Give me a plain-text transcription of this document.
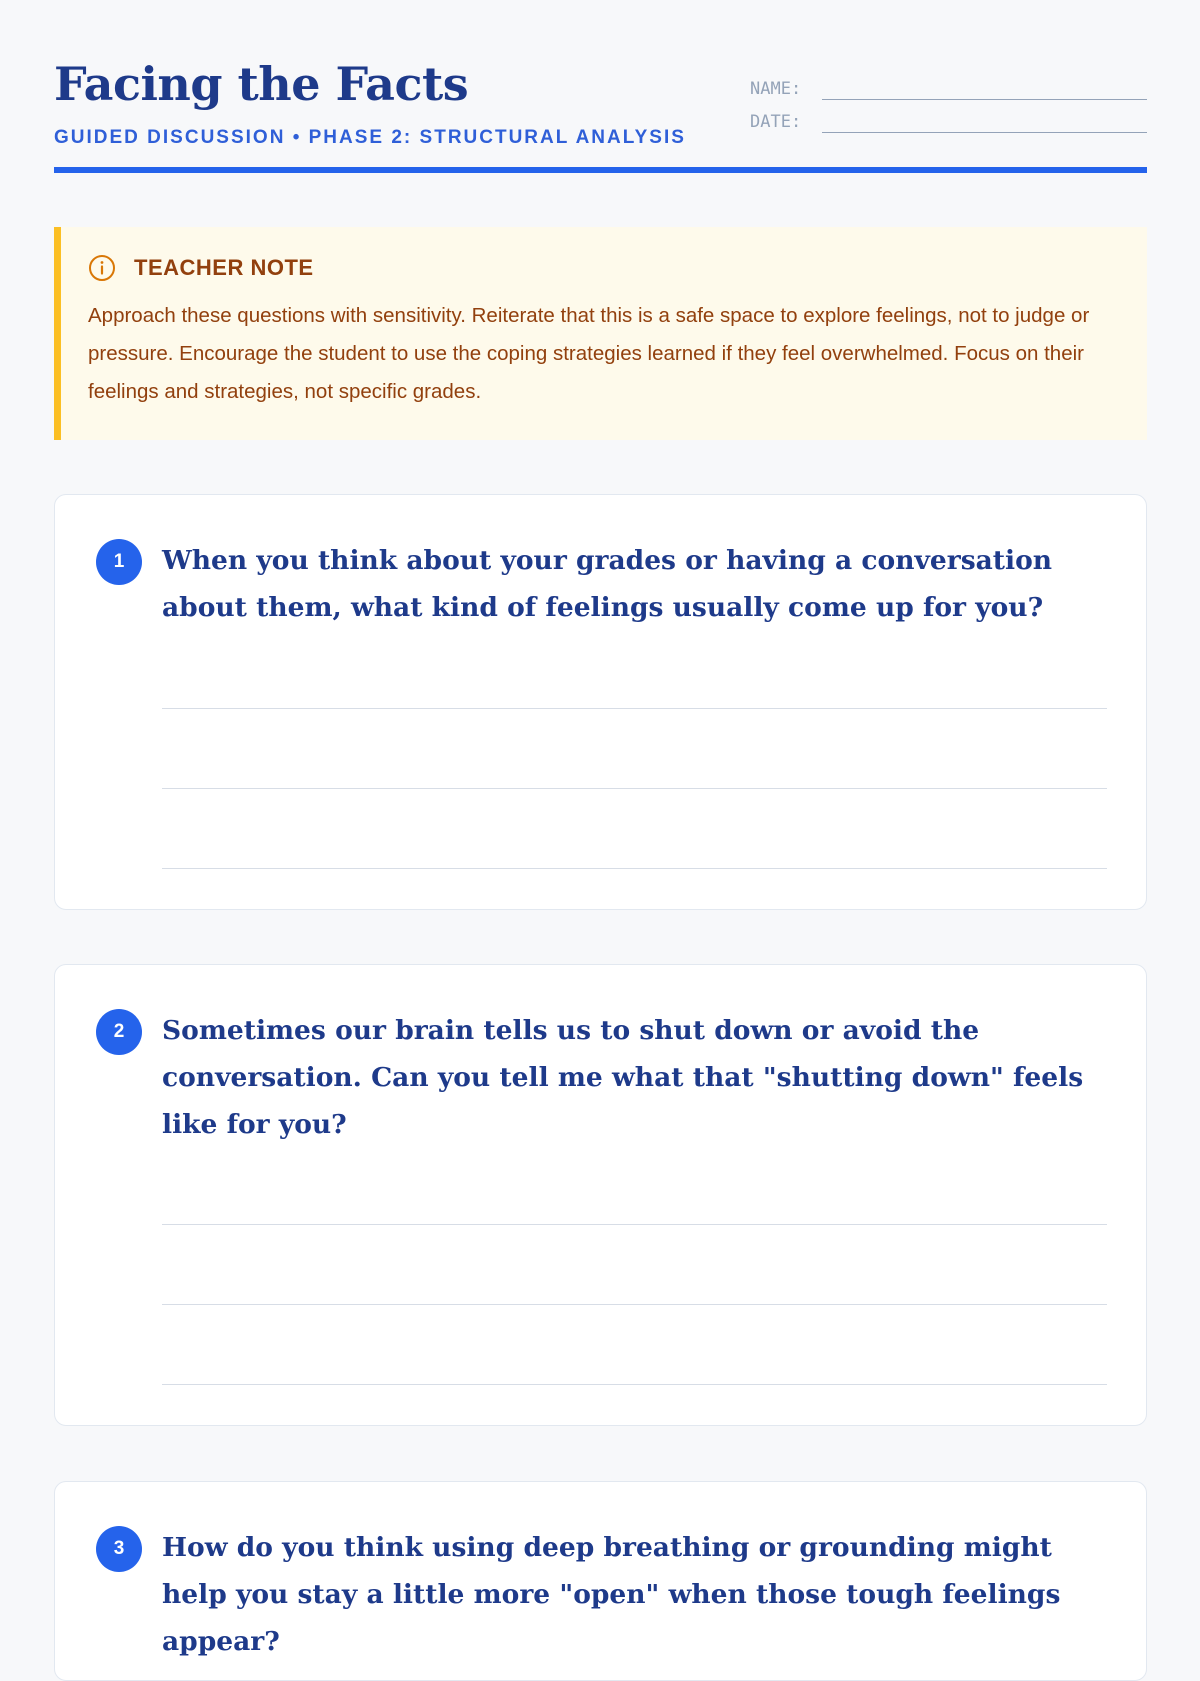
Facing the Facts
GUIDED DISCUSSION • PHASE 2: STRUCTURAL ANALYSIS
NAME:
DATE:
TEACHER NOTE

Approach these questions with sensitivity. Reiterate that this is a safe space to explore feelings, not to judge or pressure. Encourage the student to use the coping strategies learned if they feel overwhelmed. Focus on their feelings and strategies, not specific grades.

1	When you think about your grades or having a conversation about them, what kind of feelings usually come up for you?

2	Sometimes our brain tells us to shut down or avoid the conversation. Can you tell me what that "shutting down" feels like for you?

3	How do you think using deep breathing or grounding might help you stay a little more "open" when those tough feelings appear?
